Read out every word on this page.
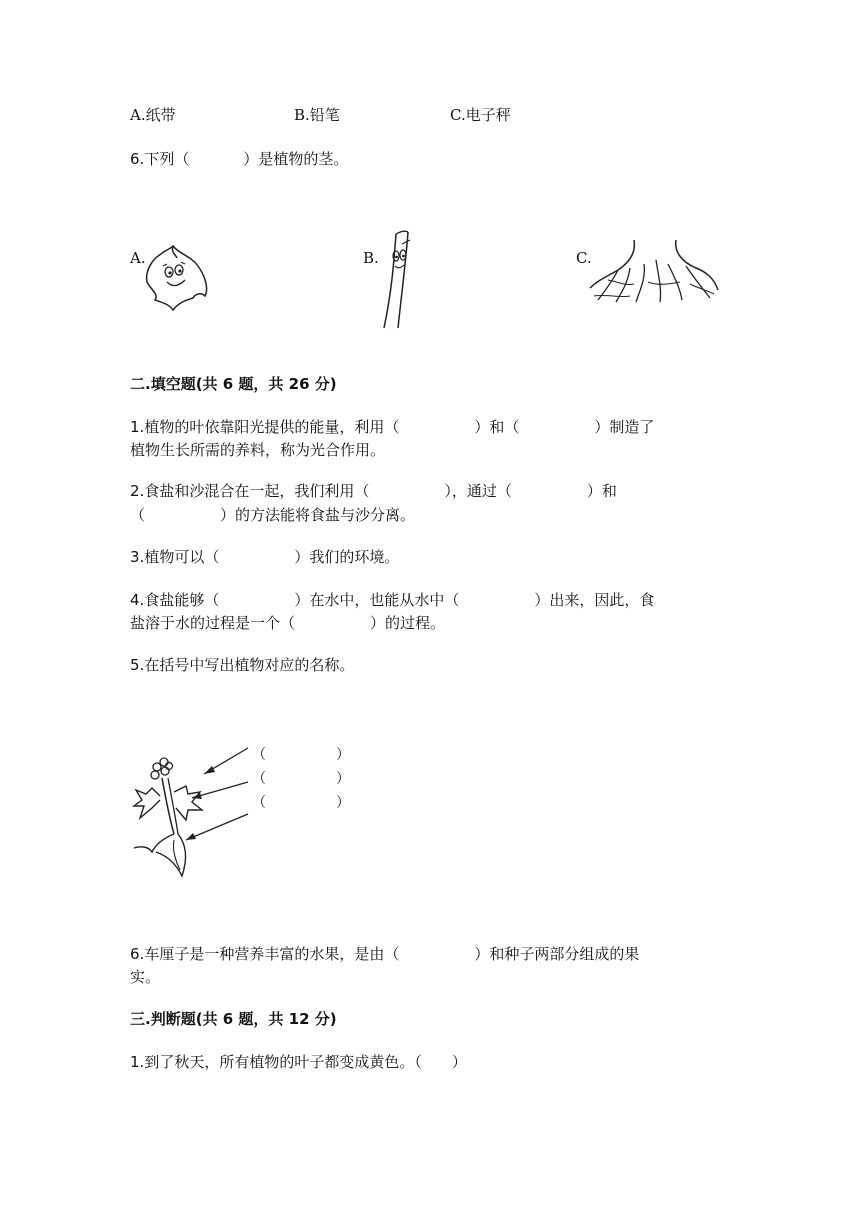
A.纸带	B.铅笔	C.电子秤
6.下列（	）是植物的茎。
A.	B.	C.
二.填空题(共 6 题，共 26 分)
1.植物的叶依靠阳光提供的能量，利用（　　　　　）和（　　　　　）制造了
植物生长所需的养料，称为光合作用。
2.食盐和沙混合在一起，我们利用（　　　　　），通过（　　　　　）和
（　　　　　）的方法能将食盐与沙分离。
3.植物可以（　　　　　）我们的环境。
4.食盐能够（　　　　　）在水中，也能从水中（　　　　　）出来，因此，食
盐溶于水的过程是一个（　　　　　）的过程。
5.在括号中写出植物对应的名称。
（　　　　　）
（　　　　　）
（　　　　　）
6.车厘子是一种营养丰富的水果，是由（　　　　　）和种子两部分组成的果
实。
三.判断题(共 6 题，共 12 分)
1.到了秋天，所有植物的叶子都变成黄色。（　　）
